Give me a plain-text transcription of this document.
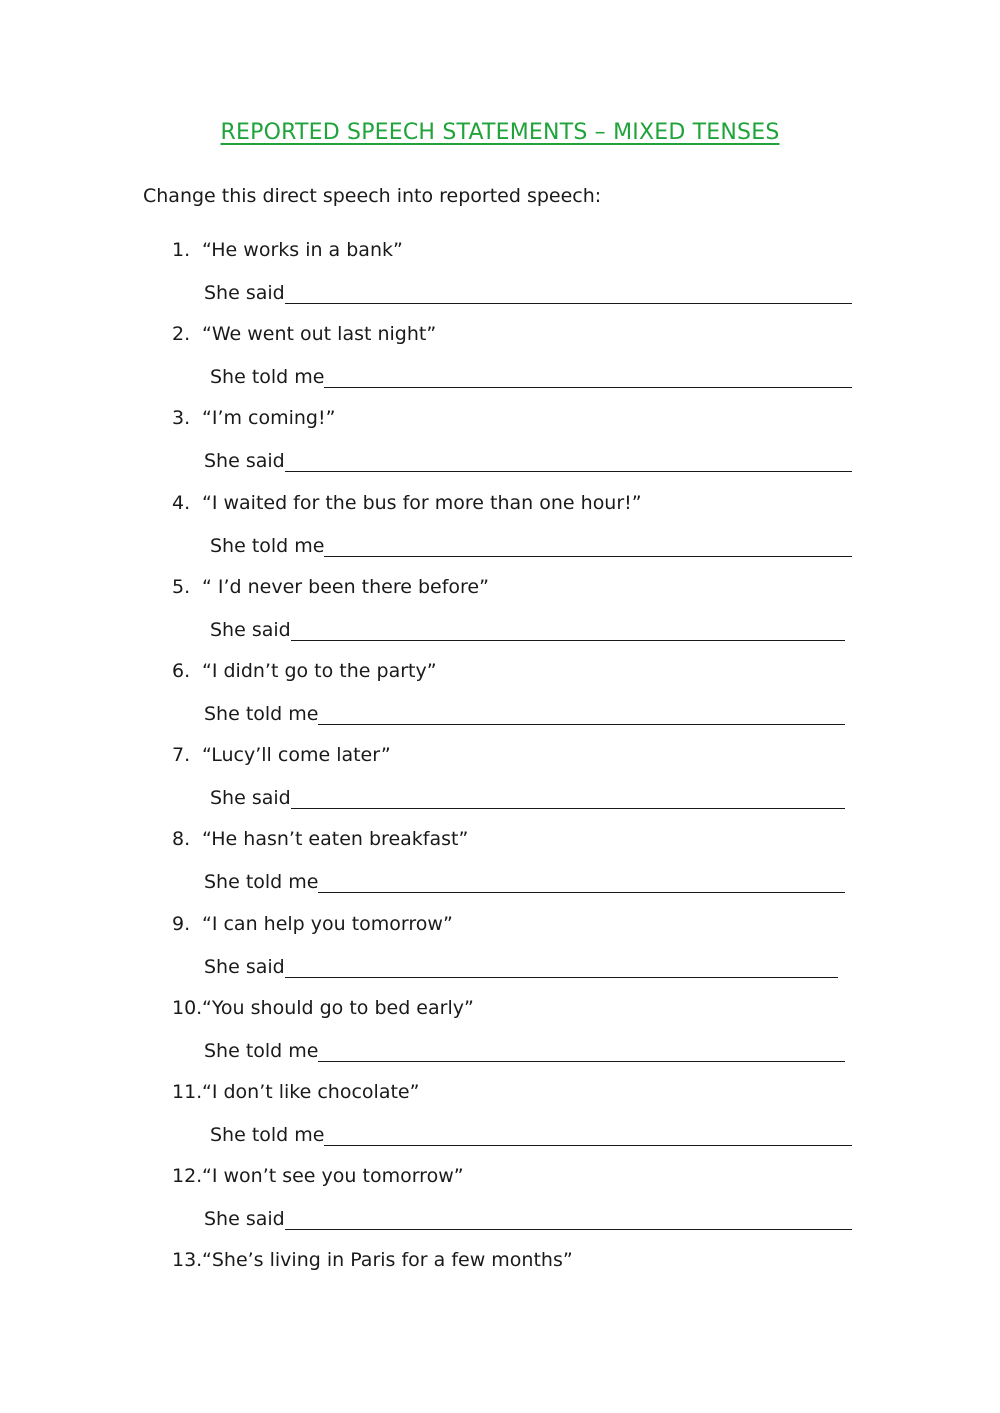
REPORTED SPEECH STATEMENTS – MIXED TENSES
Change this direct speech into reported speech:
1. “He works in a bank”
She said
2. “We went out last night”
She told me
3. “I’m coming!”
She said
4. “I waited for the bus for more than one hour!”
She told me
5. “ I’d never been there before”
She said
6. “I didn’t go to the party”
She told me
7. “Lucy’ll come later”
She said
8. “He hasn’t eaten breakfast”
She told me
9. “I can help you tomorrow”
She said
10.“You should go to bed early”
She told me
11.“I don’t like chocolate”
She told me
12.“I won’t see you tomorrow”
She said
13.“She’s living in Paris for a few months”
